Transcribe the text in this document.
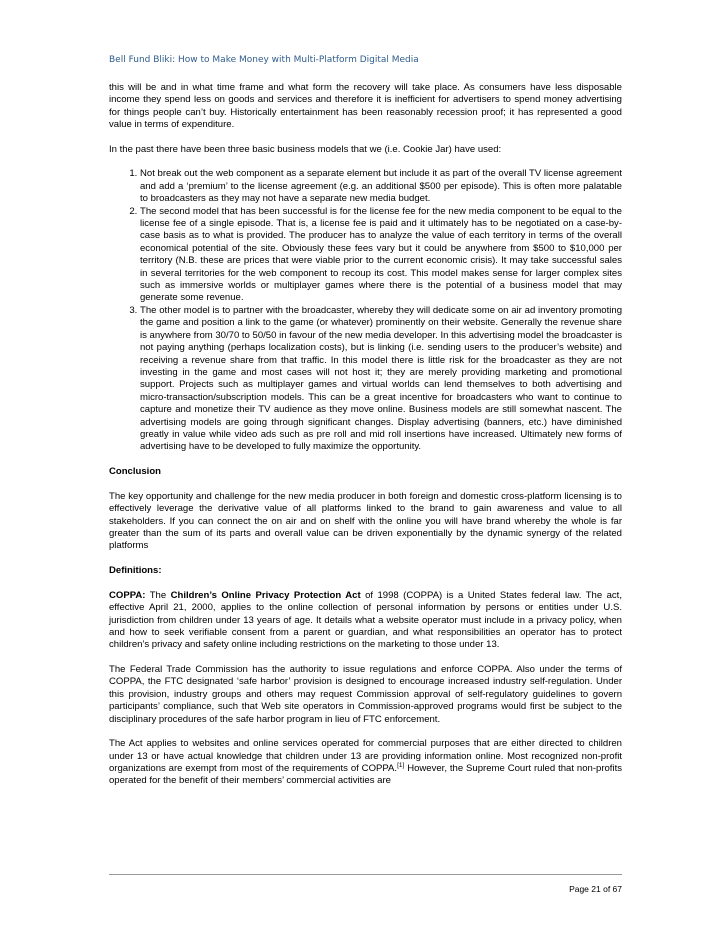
Bell Fund Bliki: How to Make Money with Multi-Platform Digital Media

this will be and in what time frame and what form the recovery will take place. As consumers have less disposable income they spend less on goods and services and therefore it is inefficient for advertisers to spend money advertising for things people can’t buy. Historically entertainment has been reasonably recession proof; it has represented a good value in terms of expenditure.

In the past there have been three basic business models that we (i.e. Cookie Jar) have used:

1. Not break out the web component as a separate element but include it as part of the overall TV license agreement and add a ‘premium’ to the license agreement (e.g. an additional $500 per episode). This is often more palatable to broadcasters as they may not have a separate new media budget.
2. The second model that has been successful is for the license fee for the new media component to be equal to the license fee of a single episode. That is, a license fee is paid and it ultimately has to be negotiated on a case-by-case basis as to what is provided. The producer has to analyze the value of each territory in terms of the overall economical potential of the site. Obviously these fees vary but it could be anywhere from $500 to $10,000 per territory (N.B. these are prices that were viable prior to the current economic crisis). It may take successful sales in several territories for the web component to recoup its cost. This model makes sense for larger complex sites such as immersive worlds or multiplayer games where there is the potential of a business model that may generate some revenue.
3. The other model is to partner with the broadcaster, whereby they will dedicate some on air ad inventory promoting the game and position a link to the game (or whatever) prominently on their website. Generally the revenue share is anywhere from 30/70 to 50/50 in favour of the new media developer. In this advertising model the broadcaster is not paying anything (perhaps localization costs), but is linking (i.e. sending users to the producer’s website) and receiving a revenue share from that traffic. In this model there is little risk for the broadcaster as they are not investing in the game and most cases will not host it; they are merely providing marketing and promotional support. Projects such as multiplayer games and virtual worlds can lend themselves to both advertising and micro-transaction/subscription models. This can be a great incentive for broadcasters who want to continue to capture and monetize their TV audience as they move online. Business models are still somewhat nascent. The advertising models are going through significant changes. Display advertising (banners, etc.) have diminished greatly in value while video ads such as pre roll and mid roll insertions have increased. Ultimately new forms of advertising have to be developed to fully maximize the opportunity.
Conclusion

The key opportunity and challenge for the new media producer in both foreign and domestic cross-platform licensing is to effectively leverage the derivative value of all platforms linked to the brand to gain awareness and value to all stakeholders. If you can connect the on air and on shelf with the online you will have brand whereby the whole is far greater than the sum of its parts and overall value can be driven exponentially by the dynamic synergy of the related platforms

Definitions:

COPPA: The Children’s Online Privacy Protection Act of 1998 (COPPA) is a United States federal law. The act, effective April 21, 2000, applies to the online collection of personal information by persons or entities under U.S. jurisdiction from children under 13 years of age. It details what a website operator must include in a privacy policy, when and how to seek verifiable consent from a parent or guardian, and what responsibilities an operator has to protect children’s privacy and safety online including restrictions on the marketing to those under 13.

The Federal Trade Commission has the authority to issue regulations and enforce COPPA. Also under the terms of COPPA, the FTC designated ‘safe harbor’ provision is designed to encourage increased industry self-regulation. Under this provision, industry groups and others may request Commission approval of self-regulatory guidelines to govern participants’ compliance, such that Web site operators in Commission-approved programs would first be subject to the disciplinary procedures of the safe harbor program in lieu of FTC enforcement.

The Act applies to websites and online services operated for commercial purposes that are either directed to children under 13 or have actual knowledge that children under 13 are providing information online. Most recognized non-profit organizations are exempt from most of the requirements of COPPA.[1] However, the Supreme Court ruled that non-profits operated for the benefit of their members’ commercial activities are

Page 21 of 67
